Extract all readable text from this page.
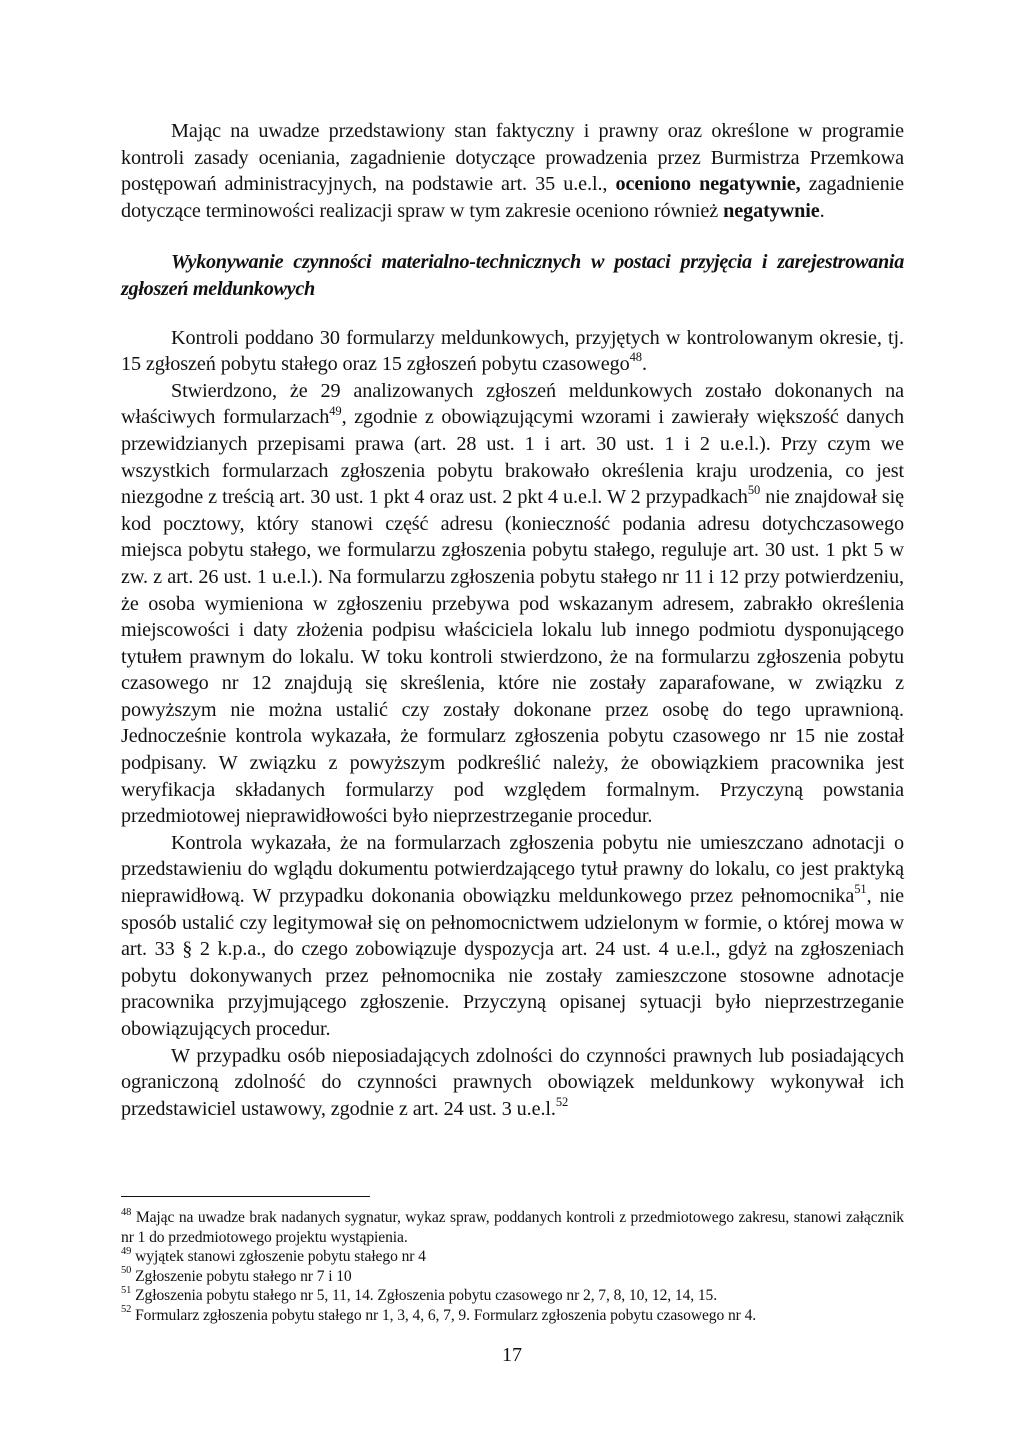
Mając na uwadze przedstawiony stan faktyczny i prawny oraz określone w programie kontroli zasady oceniania, zagadnienie dotyczące prowadzenia przez Burmistrza Przemkowa postępowań administracyjnych, na podstawie art. 35 u.e.l., oceniono negatywnie, zagadnienie dotyczące terminowości realizacji spraw w tym zakresie oceniono również negatywnie.

Wykonywanie czynności materialno-technicznych w postaci przyjęcia i zarejestrowania zgłoszeń meldunkowych

Kontroli poddano 30 formularzy meldunkowych, przyjętych w kontrolowanym okresie, tj. 15 zgłoszeń pobytu stałego oraz 15 zgłoszeń pobytu czasowego$^{48}$.

Stwierdzono, że 29 analizowanych zgłoszeń meldunkowych zostało dokonanych na właściwych formularzach$^{49}$, zgodnie z obowiązującymi wzorami i zawierały większość danych przewidzianych przepisami prawa (art. 28 ust. 1 i art. 30 ust. 1 i 2 u.e.l.). Przy czym we wszystkich formularzach zgłoszenia pobytu brakowało określenia kraju urodzenia, co jest niezgodne z treścią art. 30 ust. 1 pkt 4 oraz ust. 2 pkt 4 u.e.l. W 2 przypadkach$^{50}$ nie znajdował się kod pocztowy, który stanowi część adresu (konieczność podania adresu dotychczasowego miejsca pobytu stałego, we formularzu zgłoszenia pobytu stałego, reguluje art. 30 ust. 1 pkt 5 w zw. z art. 26 ust. 1 u.e.l.). Na formularzu zgłoszenia pobytu stałego nr 11 i 12 przy potwierdzeniu, że osoba wymieniona w zgłoszeniu przebywa pod wskazanym adresem, zabrakło określenia miejscowości i daty złożenia podpisu właściciela lokalu lub innego podmiotu dysponującego tytułem prawnym do lokalu. W toku kontroli stwierdzono, że na formularzu zgłoszenia pobytu czasowego nr 12 znajdują się skreślenia, które nie zostały zaparafowane, w związku z powyższym nie można ustalić czy zostały dokonane przez osobę do tego uprawnioną. Jednocześnie kontrola wykazała, że formularz zgłoszenia pobytu czasowego nr 15 nie został podpisany. W związku z powyższym podkreślić należy, że obowiązkiem pracownika jest weryfikacja składanych formularzy pod względem formalnym. Przyczyną powstania przedmiotowej nieprawidłowości było nieprzestrzeganie procedur.

Kontrola wykazała, że na formularzach zgłoszenia pobytu nie umieszczano adnotacji o przedstawieniu do wglądu dokumentu potwierdzającego tytuł prawny do lokalu, co jest praktyką nieprawidłową. W przypadku dokonania obowiązku meldunkowego przez pełnomocnika$^{51}$, nie sposób ustalić czy legitymował się on pełnomocnictwem udzielonym w formie, o której mowa w art. 33 § 2 k.p.a., do czego zobowiązuje dyspozycja art. 24 ust. 4 u.e.l., gdyż na zgłoszeniach pobytu dokonywanych przez pełnomocnika nie zostały zamieszczone stosowne adnotacje pracownika przyjmującego zgłoszenie. Przyczyną opisanej sytuacji było nieprzestrzeganie obowiązujących procedur.

W przypadku osób nieposiadających zdolności do czynności prawnych lub posiadających ograniczoną zdolność do czynności prawnych obowiązek meldunkowy wykonywał ich przedstawiciel ustawowy, zgodnie z art. 24 ust. 3 u.e.l.$^{52}$

$^{48}$ Mając na uwadze brak nadanych sygnatur, wykaz spraw, poddanych kontroli z przedmiotowego zakresu, stanowi załącznik nr 1 do przedmiotowego projektu wystąpienia.

$^{49}$ wyjątek stanowi zgłoszenie pobytu stałego nr 4

$^{50}$ Zgłoszenie pobytu stałego nr 7 i 10

$^{51}$ Zgłoszenia pobytu stałego nr 5, 11, 14. Zgłoszenia pobytu czasowego nr 2, 7, 8, 10, 12, 14, 15.

$^{52}$ Formularz zgłoszenia pobytu stałego nr 1, 3, 4, 6, 7, 9. Formularz zgłoszenia pobytu czasowego nr 4.

17
